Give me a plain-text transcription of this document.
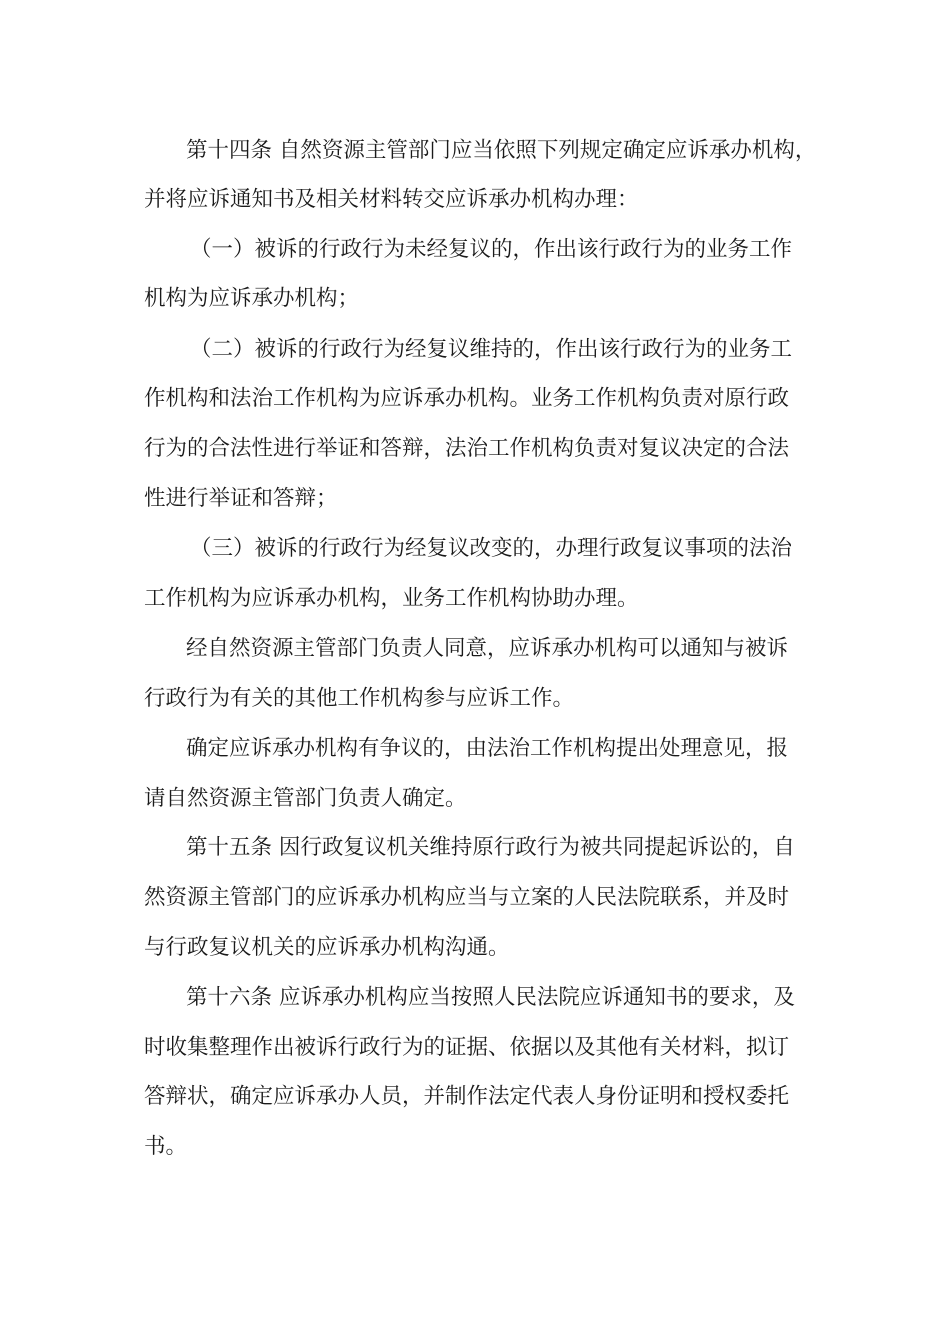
第十四条 自然资源主管部门应当依照下列规定确定应诉承办机构，

并将应诉通知书及相关材料转交应诉承办机构办理：

（一）被诉的行政行为未经复议的，作出该行政行为的业务工作

机构为应诉承办机构；

（二）被诉的行政行为经复议维持的，作出该行政行为的业务工

作机构和法治工作机构为应诉承办机构。业务工作机构负责对原行政

行为的合法性进行举证和答辩，法治工作机构负责对复议决定的合法

性进行举证和答辩；

（三）被诉的行政行为经复议改变的，办理行政复议事项的法治

工作机构为应诉承办机构，业务工作机构协助办理。

经自然资源主管部门负责人同意，应诉承办机构可以通知与被诉

行政行为有关的其他工作机构参与应诉工作。

确定应诉承办机构有争议的，由法治工作机构提出处理意见，报

请自然资源主管部门负责人确定。

第十五条 因行政复议机关维持原行政行为被共同提起诉讼的，自

然资源主管部门的应诉承办机构应当与立案的人民法院联系，并及时

与行政复议机关的应诉承办机构沟通。

第十六条 应诉承办机构应当按照人民法院应诉通知书的要求，及

时收集整理作出被诉行政行为的证据、依据以及其他有关材料，拟订

答辩状，确定应诉承办人员，并制作法定代表人身份证明和授权委托

书。
